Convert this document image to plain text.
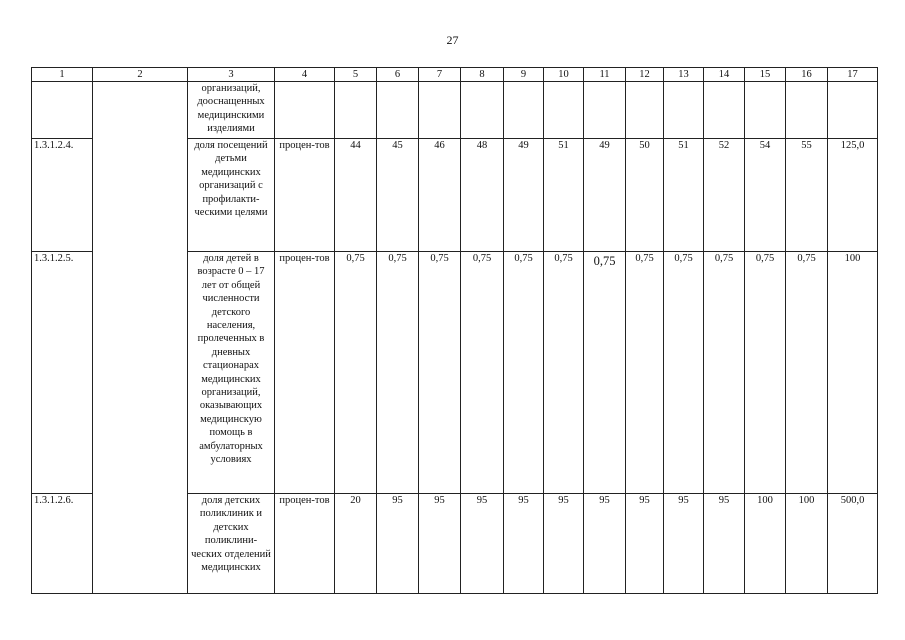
27
1	2	3	4	5	6	7	8	9	10	11	12	13	14	15	16	17
		организаций, дооснащенных медицинскими изделиями														
1.3.1.2.4.		доля посещений детьми медицинских организаций с профилакти-ческими целями	процен-тов	44	45	46	48	49	51	49	50	51	52	54	55	125,0
1.3.1.2.5.		доля детей в возрасте 0 – 17 лет от общей численности детского населения, пролеченных в дневных стационарах медицинских организаций, оказывающих медицинскую помощь в амбулаторных условиях	процен-тов	0,75	0,75	0,75	0,75	0,75	0,75	0,75	0,75	0,75	0,75	0,75	0,75	100
1.3.1.2.6.		доля детских поликлиник и детских поликлини-ческих отделений медицинских	процен-тов	20	95	95	95	95	95	95	95	95	95	100	100	500,0
